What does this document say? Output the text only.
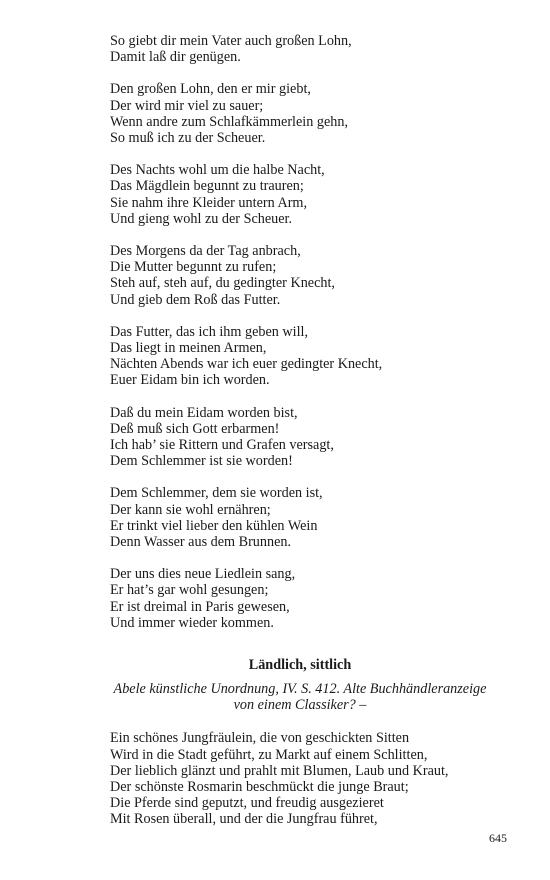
So giebt dir mein Vater auch großen Lohn,
Damit laß dir genügen.
Den großen Lohn, den er mir giebt,
Der wird mir viel zu sauer;
Wenn andre zum Schlafkämmerlein gehn,
So muß ich zu der Scheuer.
Des Nachts wohl um die halbe Nacht,
Das Mägdlein begunnt zu trauren;
Sie nahm ihre Kleider untern Arm,
Und gieng wohl zu der Scheuer.
Des Morgens da der Tag anbrach,
Die Mutter begunnt zu rufen;
Steh auf, steh auf, du gedingter Knecht,
Und gieb dem Roß das Futter.
Das Futter, das ich ihm geben will,
Das liegt in meinen Armen,
Nächten Abends war ich euer gedingter Knecht,
Euer Eidam bin ich worden.
Daß du mein Eidam worden bist,
Deß muß sich Gott erbarmen!
Ich hab’ sie Rittern und Grafen versagt,
Dem Schlemmer ist sie worden!
Dem Schlemmer, dem sie worden ist,
Der kann sie wohl ernähren;
Er trinkt viel lieber den kühlen Wein
Denn Wasser aus dem Brunnen.
Der uns dies neue Liedlein sang,
Er hat’s gar wohl gesungen;
Er ist dreimal in Paris gewesen,
Und immer wieder kommen.
Ländlich, sittlich
Abele künstliche Unordnung, IV. S. 412. Alte Buchhändleranzeige
von einem Classiker? –
Ein schönes Jungfräulein, die von geschickten Sitten
Wird in die Stadt geführt, zu Markt auf einem Schlitten,
Der lieblich glänzt und prahlt mit Blumen, Laub und Kraut,
Der schönste Rosmarin beschmückt die junge Braut;
Die Pferde sind geputzt, und freudig ausgezieret
Mit Rosen überall, und der die Jungfrau führet,
645
